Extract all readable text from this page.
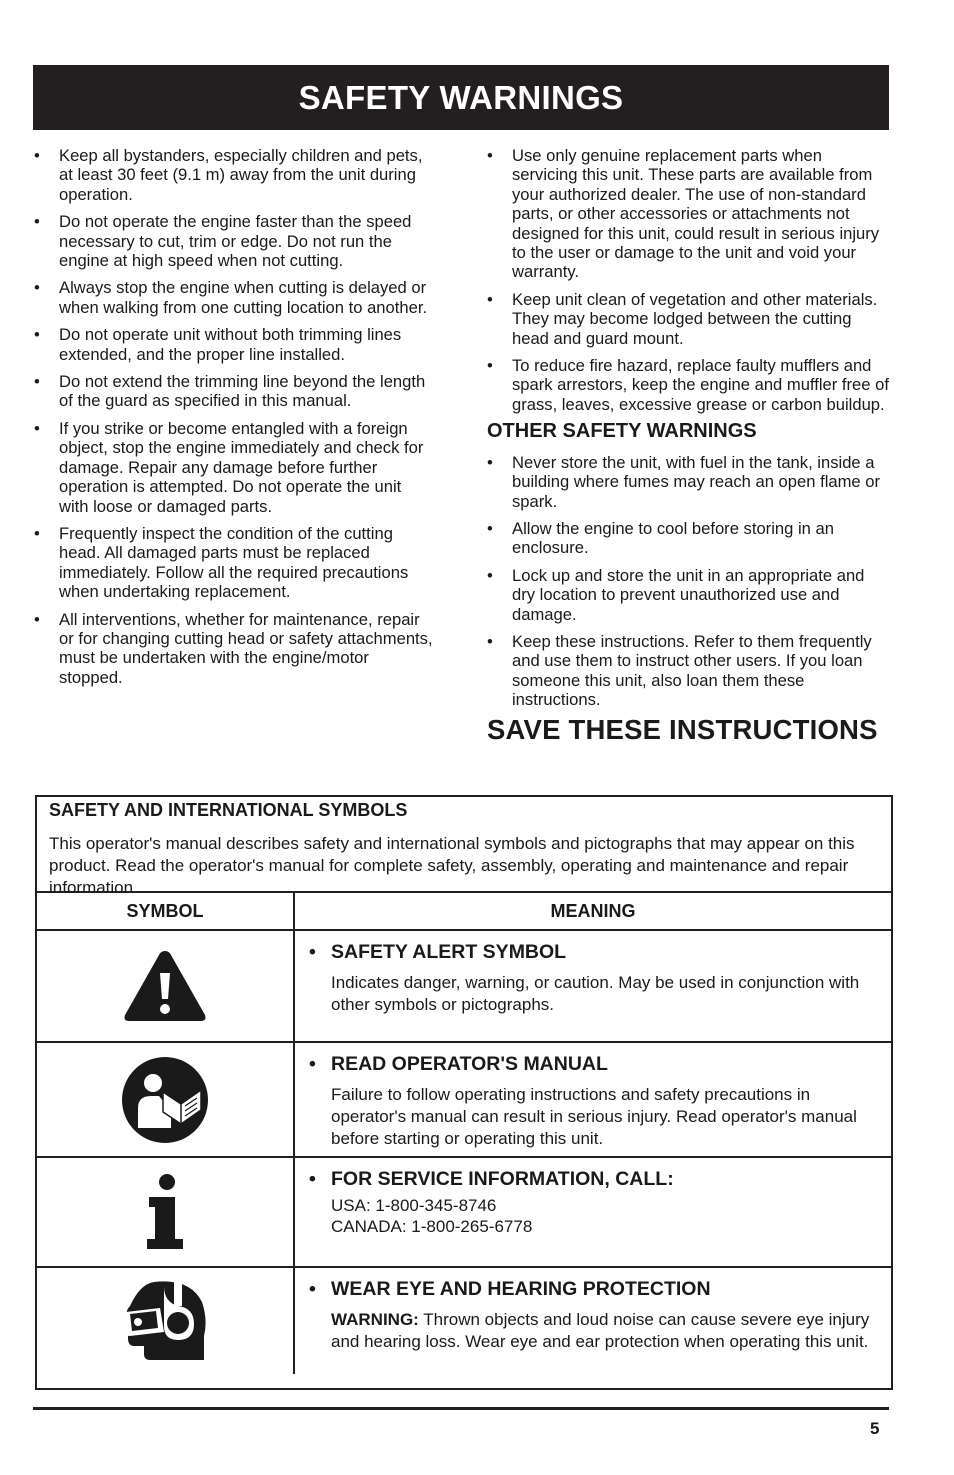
SAFETY WARNINGS
• Keep all bystanders, especially children and pets, at least 30 feet (9.1 m) away from the unit during operation.
• Do not operate the engine faster than the speed necessary to cut, trim or edge. Do not run the engine at high speed when not cutting.
• Always stop the engine when cutting is delayed or when walking from one cutting location to another.
• Do not operate unit without both trimming lines extended, and the proper line installed.
• Do not extend the trimming line beyond the length of the guard as specified in this manual.
• If you strike or become entangled with a foreign object, stop the engine immediately and check for damage. Repair any damage before further operation is attempted. Do not operate the unit with loose or damaged parts.
• Frequently inspect the condition of the cutting head. All damaged parts must be replaced immediately. Follow all the required precautions when undertaking replacement.
• All interventions, whether for maintenance, repair or for changing cutting head or safety attachments, must be undertaken with the engine/motor stopped.
• Use only genuine replacement parts when servicing this unit. These parts are available from your authorized dealer. The use of non-standard parts, or other accessories or attachments not designed for this unit, could result in serious injury to the user or damage to the unit and void your warranty.
• Keep unit clean of vegetation and other materials. They may become lodged between the cutting head and guard mount.
• To reduce fire hazard, replace faulty mufflers and spark arrestors, keep the engine and muffler free of grass, leaves, excessive grease or carbon buildup.
OTHER SAFETY WARNINGS
• Never store the unit, with fuel in the tank, inside a building where fumes may reach an open flame or spark.
• Allow the engine to cool before storing in an enclosure.
• Lock up and store the unit in an appropriate and dry location to prevent unauthorized use and damage.
• Keep these instructions. Refer to them frequently and use them to instruct other users. If you loan someone this unit, also loan them these instructions.
SAVE THESE INSTRUCTIONS
SAFETY AND INTERNATIONAL SYMBOLS
This operator's manual describes safety and international symbols and pictographs that may appear on this product. Read the operator's manual for complete safety, assembly, operating and maintenance and repair information.
SYMBOL	MEANING
• SAFETY ALERT SYMBOL
Indicates danger, warning, or caution. May be used in conjunction with other symbols or pictographs.
• READ OPERATOR'S MANUAL
Failure to follow operating instructions and safety precautions in operator's manual can result in serious injury. Read operator's manual before starting or operating this unit.
• FOR SERVICE INFORMATION, CALL:
USA: 1-800-345-8746
CANADA: 1-800-265-6778
• WEAR EYE AND HEARING PROTECTION
WARNING: Thrown objects and loud noise can cause severe eye injury and hearing loss. Wear eye and ear protection when operating this unit.
5
